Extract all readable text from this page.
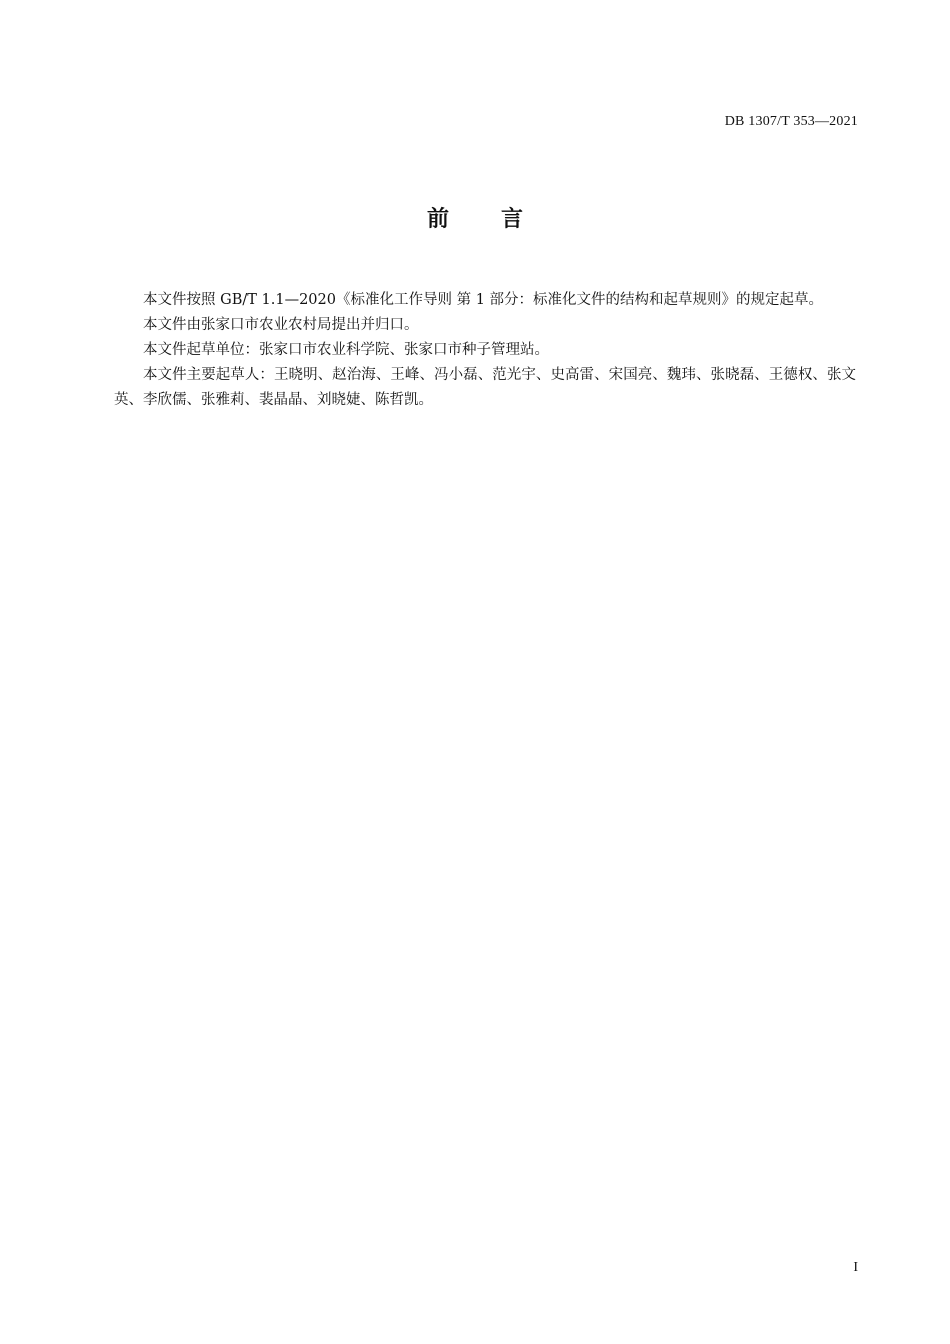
DB 1307/T 353—2021
前 言

本文件按照 GB/T 1.1—2020《标准化工作导则 第 1 部分：标准化文件的结构和起草规则》的规定起草。

本文件由张家口市农业农村局提出并归口。

本文件起草单位：张家口市农业科学院、张家口市种子管理站。

本文件主要起草人：王晓明、赵治海、王峰、冯小磊、范光宇、史高雷、宋国亮、魏玮、张晓磊、王德权、张文英、李欣儒、张雅莉、裴晶晶、刘晓婕、陈哲凯。

I
